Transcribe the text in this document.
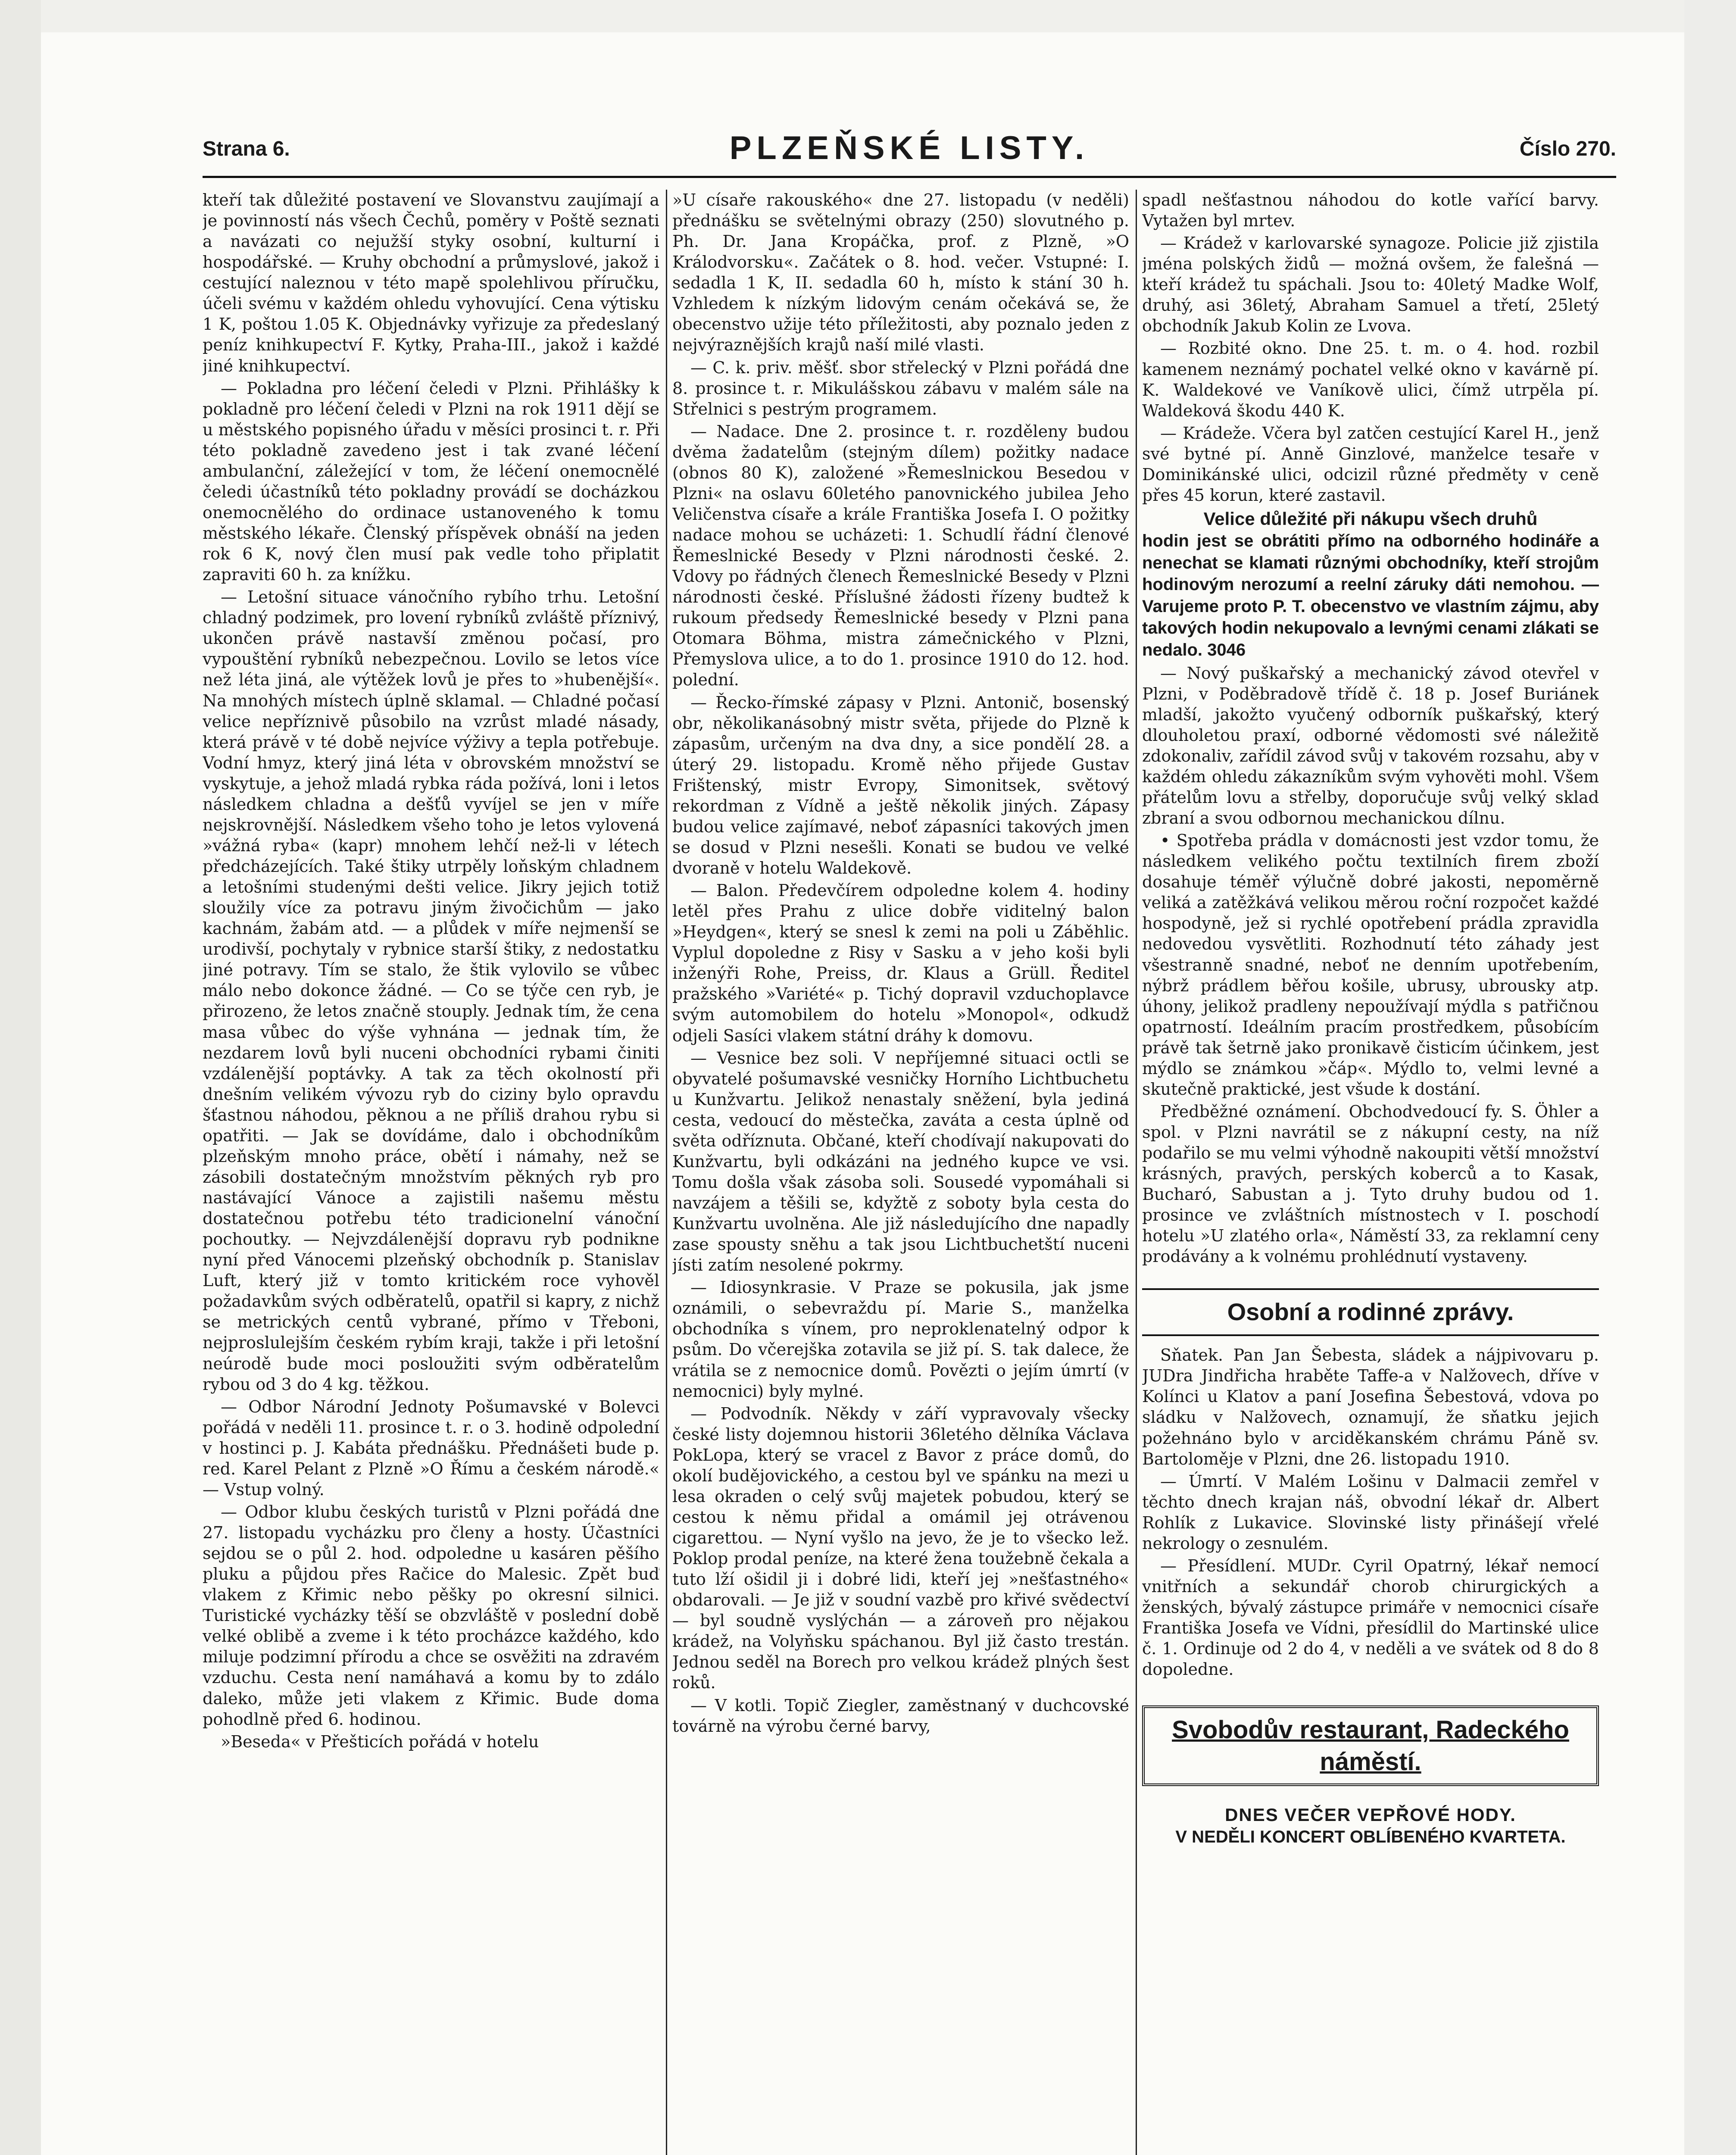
Strana 6.	PLZEŇSKÉ LISTY.	Číslo 270.

kteří tak důležité postavení ve Slovanstvu zaujímají a je povinností nás všech Čechů, poměry v Poště seznati a navázati co nejužší styky osobní, kulturní i hospodářské. — Kruhy obchodní a průmyslové, jakož i cestující naleznou v této mapě spolehlivou příručku, účeli svému v každém ohledu vyhovující. Cena výtisku 1 K, poštou 1.05 K. Objednávky vyřizuje za předeslaný peníz knihkupectví F. Kytky, Praha-III., jakož i každé jiné knihkupectví.

— Pokladna pro léčení čeledi v Plzni. Přihlášky k pokladně pro léčení čeledi v Plzni na rok 1911 dějí se u městského popisného úřadu v měsíci prosinci t. r. Při této pokladně zavedeno jest i tak zvané léčení ambulanční, záležející v tom, že léčení onemocnělé čeledi účastníků této pokladny provádí se docházkou onemocnělého do ordinace ustanoveného k tomu městského lékaře. Členský příspěvek obnáší na jeden rok 6 K, nový člen musí pak vedle toho připlatit zapraviti 60 h. za knížku.

— Letošní situace vánočního rybího trhu. Letošní chladný podzimek, pro lovení rybníků zvláště příznivý, ukončen právě nastavší změnou počasí, pro vypouštění rybníků nebezpečnou. Lovilo se letos více než léta jiná, ale výtěžek lovů je přes to »hubenější«. Na mnohých místech úplně sklamal. — Chladné počasí velice nepříznivě působilo na vzrůst mladé násady, která právě v té době nejvíce výživy a tepla potřebuje. Vodní hmyz, který jiná léta v obrovském množství se vyskytuje, a jehož mladá rybka ráda požívá, loni i letos následkem chladna a dešťů vyvíjel se jen v míře nejskrovnější. Následkem všeho toho je letos vylovená »vážná ryba« (kapr) mnohem lehčí než-li v létech předcházejících. Také štiky utrpěly loňským chladnem a letošními studenými dešti velice. Jikry jejich totiž sloužily více za potravu jiným živočichům — jako kachnám, žabám atd. — a plůdek v míře nejmenší se urodivší, pochytaly v rybnice starší štiky, z nedostatku jiné potravy. Tím se stalo, že štik vylovilo se vůbec málo nebo dokonce žádné. — Co se týče cen ryb, je přirozeno, že letos značně stouply. Jednak tím, že cena masa vůbec do výše vyhnána — jednak tím, že nezdarem lovů byli nuceni obchodníci rybami činiti vzdálenější poptávky. A tak za těch okolností při dnešním velikém vývozu ryb do ciziny bylo opravdu šťastnou náhodou, pěknou a ne příliš drahou rybu si opatřiti. — Jak se dovídáme, dalo i obchodníkům plzeňským mnoho práce, obětí i námahy, než se zásobili dostatečným množstvím pěkných ryb pro nastávající Vánoce a zajistili našemu městu dostatečnou potřebu této tradicionelní vánoční pochoutky. — Nejvzdálenější dopravu ryb podnikne nyní před Vánocemi plzeňský obchodník p. Stanislav Luft, který již v tomto kritickém roce vyhověl požadavkům svých odběratelů, opatřil si kapry, z nichž se metrických centů vybrané, přímo v Třeboni, nejproslulejším českém rybím kraji, takže i při letošní neúrodě bude moci posloužiti svým odběratelům rybou od 3 do 4 kg. těžkou.

— Odbor Národní Jednoty Pošumavské v Bolevci pořádá v neděli 11. prosince t. r. o 3. hodině odpolední v hostinci p. J. Kabáta přednášku. Přednášeti bude p. red. Karel Pelant z Plzně »O Římu a českém národě.« — Vstup volný.

— Odbor klubu českých turistů v Plzni pořádá dne 27. listopadu vycházku pro členy a hosty. Účastníci sejdou se o půl 2. hod. odpoledne u kasáren pěšího pluku a půjdou přes Račice do Malesic. Zpět buď vlakem z Křimic nebo pěšky po okresní silnici. Turistické vycházky těší se obzvláště v poslední době velké oblibě a zveme i k této procházce každého, kdo miluje podzimní přírodu a chce se osvěžiti na zdravém vzduchu. Cesta není namáhavá a komu by to zdálo daleko, může jeti vlakem z Křimic. Bude doma pohodlně před 6. hodinou.

»Beseda« v Přešticích pořádá v hotelu

»U císaře rakouského« dne 27. listopadu (v neděli) přednášku se světelnými obrazy (250) slovutného p. Ph. Dr. Jana Kropáčka, prof. z Plzně, »O Králodvorsku«. Začátek o 8. hod. večer. Vstupné: I. sedadla 1 K, II. sedadla 60 h, místo k stání 30 h. Vzhledem k nízkým lidovým cenám očekává se, že obecenstvo užije této příležitosti, aby poznalo jeden z nejvýraznějších krajů naší milé vlasti.

— C. k. priv. měšť. sbor střelecký v Plzni pořádá dne 8. prosince t. r. Mikulášskou zábavu v malém sále na Střelnici s pestrým programem.

— Nadace. Dne 2. prosince t. r. rozděleny budou dvěma žadatelům (stejným dílem) požitky nadace (obnos 80 K), založené »Řemeslnickou Besedou v Plzni« na oslavu 60letého panovnického jubilea Jeho Veličenstva císaře a krále Františka Josefa I. O požitky nadace mohou se ucházeti: 1. Schudlí řádní členové Řemeslnické Besedy v Plzni národnosti české. 2. Vdovy po řádných členech Řemeslnické Besedy v Plzni národnosti české. Příslušné žádosti řízeny budtež k rukoum předsedy Řemeslnické besedy v Plzni pana Otomara Böhma, mistra zámečnického v Plzni, Přemyslova ulice, a to do 1. prosince 1910 do 12. hod. polední.

— Řecko-římské zápasy v Plzni. Antonič, bosenský obr, několikanásobný mistr světa, přijede do Plzně k zápasům, určeným na dva dny, a sice pondělí 28. a úterý 29. listopadu. Kromě něho přijede Gustav Frištenský, mistr Evropy, Simonitsek, světový rekordman z Vídně a ještě několik jiných. Zápasy budou velice zajímavé, neboť zápasníci takových jmen se dosud v Plzni nesešli. Konati se budou ve velké dvoraně v hotelu Waldekově.

— Balon. Předevčírem odpoledne kolem 4. hodiny letěl přes Prahu z ulice dobře viditelný balon »Heydgen«, který se snesl k zemi na poli u Záběhlic. Vyplul dopoledne z Risy v Sasku a v jeho koši byli inženýři Rohe, Preiss, dr. Klaus a Grüll. Ředitel pražského »Variété« p. Tichý dopravil vzduchoplavce svým automobilem do hotelu »Monopol«, odkudž odjeli Sasíci vlakem státní dráhy k domovu.

— Vesnice bez soli. V nepříjemné situaci octli se obyvatelé pošumavské vesničky Horního Lichtbuchetu u Kunžvartu. Jelikož nenastaly sněžení, byla jediná cesta, vedoucí do městečka, zaváta a cesta úplně od světa odříznuta. Občané, kteří chodívají nakupovati do Kunžvartu, byli odkázáni na jedného kupce ve vsi. Tomu došla však zásoba soli. Sousedé vypomáhali si navzájem a těšili se, kdyžtě z soboty byla cesta do Kunžvartu uvolněna. Ale již následujícího dne napadly zase spousty sněhu a tak jsou Lichtbuchetští nuceni jísti zatím nesolené pokrmy.

— Idiosynkrasie. V Praze se pokusila, jak jsme oznámili, o sebevraždu pí. Marie S., manželka obchodníka s vínem, pro neproklenatelný odpor k psům. Do včerejška zotavila se již pí. S. tak dalece, že vrátila se z nemocnice domů. Povězti o jejím úmrtí (v nemocnici) byly mylné.

— Podvodník. Někdy v září vypravovaly všecky české listy dojemnou historii 36letého dělníka Václava PokLopa, který se vracel z Bavor z práce domů, do okolí budějovického, a cestou byl ve spánku na mezi u lesa okraden o celý svůj majetek pobudou, který se cestou k němu přidal a omámil jej otrávenou cigarettou. — Nyní vyšlo na jevo, že je to všecko lež. Poklop prodal peníze, na které žena toužebně čekala a tuto lží ošidil ji i dobré lidi, kteří jej »nešťastného« obdarovali. — Je již v soudní vazbě pro křivé svědectví — byl soudně vyslýchán — a zároveň pro nějakou krádež, na Volyňsku spáchanou. Byl již často trestán. Jednou seděl na Borech pro velkou krádež plných šest roků.

— V kotli. Topič Ziegler, zaměstnaný v duchcovské továrně na výrobu černé barvy,

spadl nešťastnou náhodou do kotle vařící barvy. Vytažen byl mrtev.

— Krádež v karlovarské synagoze. Policie již zjistila jména polských židů — možná ovšem, že falešná — kteří krádež tu spáchali. Jsou to: 40letý Madke Wolf, druhý, asi 36letý, Abraham Samuel a třetí, 25letý obchodník Jakub Kolin ze Lvova.

— Rozbité okno. Dne 25. t. m. o 4. hod. rozbil kamenem neznámý pochatel velké okno v kavárně pí. K. Waldekové ve Vaníkově ulici, čímž utrpěla pí. Waldeková škodu 440 K.

— Krádeže. Včera byl zatčen cestující Karel H., jenž své bytné pí. Anně Ginzlové, manželce tesaře v Dominikánské ulici, odcizil různé předměty v ceně přes 45 korun, které zastavil.

Velice důležité při nákupu všech druhů
hodin jest se obrátiti přímo na odborného hodináře a nenechat se klamati různými obchodníky, kteří strojům hodinovým nerozumí a reelní záruky dáti nemohou. — Varujeme proto P. T. obecenstvo ve vlastním zájmu, aby takových hodin nekupovalo a levnými cenami zlákati se nedalo. 3046

— Nový puškařský a mechanický závod otevřel v Plzni, v Poděbradově třídě č. 18 p. Josef Buriánek mladší, jakožto vyučený odborník puškařský, který dlouholetou praxí, odborné vědomosti své náležitě zdokonaliv, zařídil závod svůj v takovém rozsahu, aby v každém ohledu zákazníkům svým vyhověti mohl. Všem přátelům lovu a střelby, doporučuje svůj velký sklad zbraní a svou odbornou mechanickou dílnu.

• Spotřeba prádla v domácnosti jest vzdor tomu, že následkem velikého počtu textilních firem zboží dosahuje téměř výlučně dobré jakosti, nepoměrně veliká a zatěžkává velikou měrou roční rozpočet každé hospodyně, jež si rychlé opotřebení prádla zpravidla nedovedou vysvětliti. Rozhodnutí této záhady jest všestranně snadné, neboť ne denním upotřebením, nýbrž prádlem běřou košile, ubrusy, ubrousky atp. úhony, jelikož pradleny nepoužívají mýdla s patřičnou opatrností. Ideálním pracím prostředkem, působícím právě tak šetrně jako pronikavě čisticím účinkem, jest mýdlo se známkou »čáp«. Mýdlo to, velmi levné a skutečně praktické, jest všude k dostání.

Předběžné oznámení. Obchodvedoucí fy. S. Öhler a spol. v Plzni navrátil se z nákupní cesty, na níž podařilo se mu velmi výhodně nakoupiti větší množství krásných, pravých, perských koberců a to Kasak, Bucharó, Sabustan a j. Tyto druhy budou od 1. prosince ve zvláštních místnostech v I. poschodí hotelu »U zlatého orla«, Náměstí 33, za reklamní ceny prodávány a k volnému prohlédnutí vystaveny.

Osobní a rodinné zprávy.

Sňatek. Pan Jan Šebesta, sládek a nájpivovaru p. JUDra Jindřicha hraběte Taffe-a v Nalžovech, dříve v Kolínci u Klatov a paní Josefina Šebestová, vdova po sládku v Nalžovech, oznamují, že sňatku jejich požehnáno bylo v arciděkanském chrámu Páně sv. Bartoloměje v Plzni, dne 26. listopadu 1910.

— Úmrtí. V Malém Lošinu v Dalmacii zemřel v těchto dnech krajan náš, obvodní lékař dr. Albert Rohlík z Lukavice. Slovinské listy přinášejí vřelé nekrology o zesnulém.

— Přesídlení. MUDr. Cyril Opatrný, lékař nemocí vnitřních a sekundář chorob chirurgických a ženských, bývalý zástupce primáře v nemocnici císaře Františka Josefa ve Vídni, přesídlil do Martinské ulice č. 1. Ordinuje od 2 do 4, v neděli a ve svátek od 8 do 8 dopoledne.

Svobodův restaurant, Radeckého náměstí.
DNES VEČER VEPŘOVÉ HODY.
V NEDĚLI KONCERT OBLÍBENÉHO KVARTETA.
